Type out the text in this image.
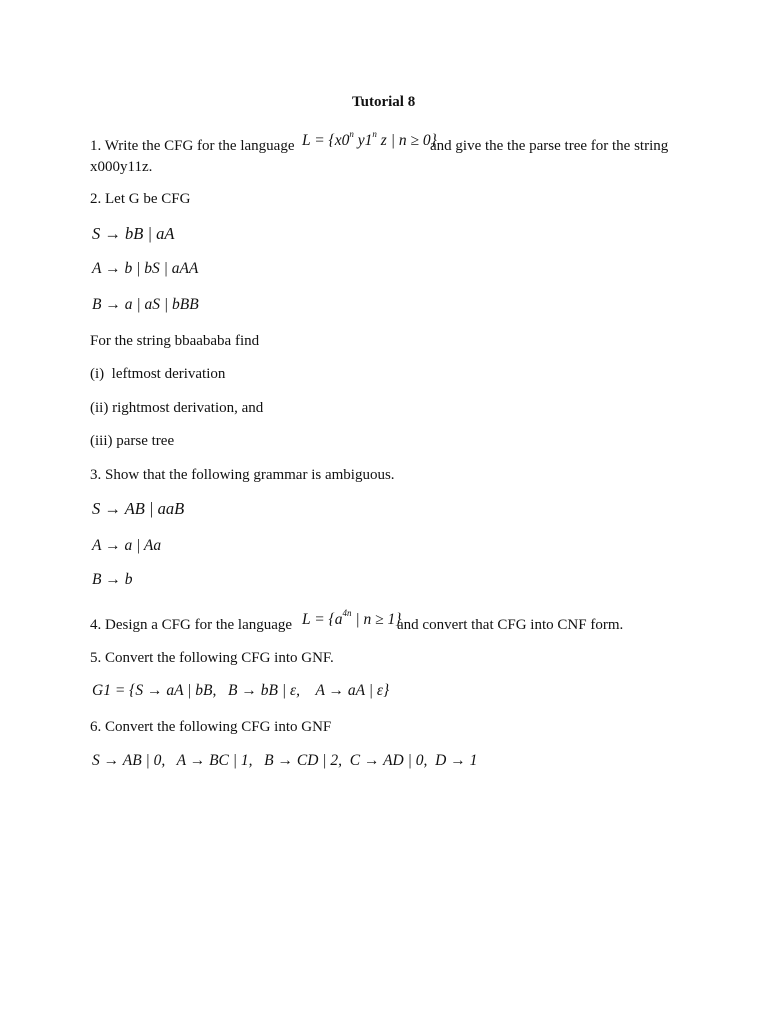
Tutorial 8
1. Write the CFG for the language $L = \{x0^n$ y1$^n$ z | n ≥ 0}
and give the the parse tree for the string
x000y11z.
2. Let G be CFG
S → bB | aA
A → b | bS | aAA
B → a | aS | bBB
For the string bbaababa find
(i)  leftmost derivation
(ii) rightmost derivation, and
(iii) parse tree
3. Show that the following grammar is ambiguous.
S → AB | aaB
A → a | Aa
B → b
4. Design a CFG for the language $L = \{a^{4n}$ | n ≥ 1}
and convert that CFG into CNF form.
5. Convert the following CFG into GNF.
G1 = {S → aA | bB,   B → bB | ε,    A → aA | ε}
6. Convert the following CFG into GNF
S → AB | 0,   A → BC | 1,   B → CD | 2,  C → AD | 0,  D → 1
